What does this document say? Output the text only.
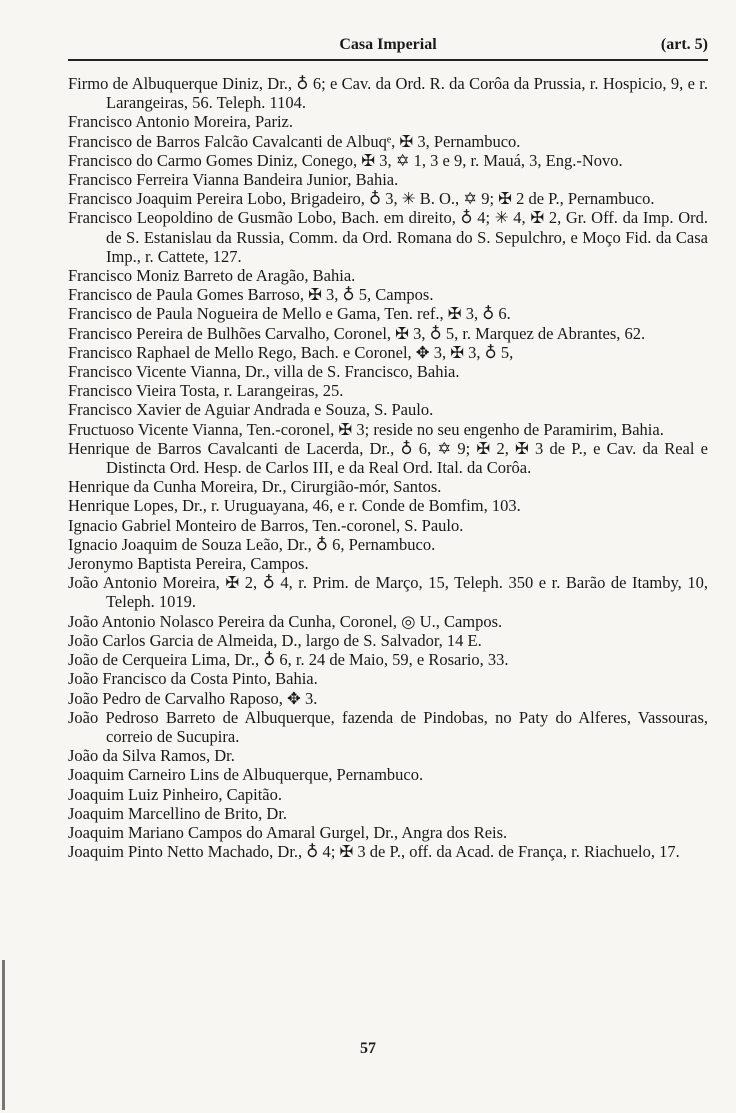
Casa Imperial	(art. 5)
Firmo de Albuquerque Diniz, Dr., ♁ 6; e Cav. da Ord. R. da Corôa da Prussia, r. Hospicio, 9, e r. Larangeiras, 56. Teleph. 1104.
Francisco Antonio Moreira, Pariz.
Francisco de Barros Falcão Cavalcanti de Albuqᵉ, ✠ 3, Pernambuco.
Francisco do Carmo Gomes Diniz, Conego, ✠ 3, ✡ 1, 3 e 9, r. Mauá, 3, Eng.-Novo.
Francisco Ferreira Vianna Bandeira Junior, Bahia.
Francisco Joaquim Pereira Lobo, Brigadeiro, ♁ 3, ✳ B. O., ✡ 9; ✠ 2 de P., Pernambuco.
Francisco Leopoldino de Gusmão Lobo, Bach. em direito, ♁ 4; ✳ 4, ✠ 2, Gr. Off. da Imp. Ord. de S. Estanislau da Russia, Comm. da Ord. Romana do S. Sepulchro, e Moço Fid. da Casa Imp., r. Cattete, 127.
Francisco Moniz Barreto de Aragão, Bahia.
Francisco de Paula Gomes Barroso, ✠ 3, ♁ 5, Campos.
Francisco de Paula Nogueira de Mello e Gama, Ten. ref., ✠ 3, ♁ 6.
Francisco Pereira de Bulhões Carvalho, Coronel, ✠ 3, ♁ 5, r. Marquez de Abrantes, 62.
Francisco Raphael de Mello Rego, Bach. e Coronel, ✥ 3, ✠ 3, ♁ 5,
Francisco Vicente Vianna, Dr., villa de S. Francisco, Bahia.
Francisco Vieira Tosta, r. Larangeiras, 25.
Francisco Xavier de Aguiar Andrada e Souza, S. Paulo.
Fructuoso Vicente Vianna, Ten.-coronel, ✠ 3; reside no seu engenho de Paramirim, Bahia.
Henrique de Barros Cavalcanti de Lacerda, Dr., ♁ 6, ✡ 9; ✠ 2, ✠ 3 de P., e Cav. da Real e Distincta Ord. Hesp. de Carlos III, e da Real Ord. Ital. da Corôa.
Henrique da Cunha Moreira, Dr., Cirurgião-mór, Santos.
Henrique Lopes, Dr., r. Uruguayana, 46, e r. Conde de Bomfim, 103.
Ignacio Gabriel Monteiro de Barros, Ten.-coronel, S. Paulo.
Ignacio Joaquim de Souza Leão, Dr., ♁ 6, Pernambuco.
Jeronymo Baptista Pereira, Campos.
João Antonio Moreira, ✠ 2, ♁ 4, r. Prim. de Março, 15, Teleph. 350 e r. Barão de Itamby, 10, Teleph. 1019.
João Antonio Nolasco Pereira da Cunha, Coronel, ◎ U., Campos.
João Carlos Garcia de Almeida, D., largo de S. Salvador, 14 E.
João de Cerqueira Lima, Dr., ♁ 6, r. 24 de Maio, 59, e Rosario, 33.
João Francisco da Costa Pinto, Bahia.
João Pedro de Carvalho Raposo, ✥ 3.
João Pedroso Barreto de Albuquerque, fazenda de Pindobas, no Paty do Alferes, Vassouras, correio de Sucupira.
João da Silva Ramos, Dr.
Joaquim Carneiro Lins de Albuquerque, Pernambuco.
Joaquim Luiz Pinheiro, Capitão.
Joaquim Marcellino de Brito, Dr.
Joaquim Mariano Campos do Amaral Gurgel, Dr., Angra dos Reis.
Joaquim Pinto Netto Machado, Dr., ♁ 4; ✠ 3 de P., off. da Acad. de França, r. Riachuelo, 17.
57
